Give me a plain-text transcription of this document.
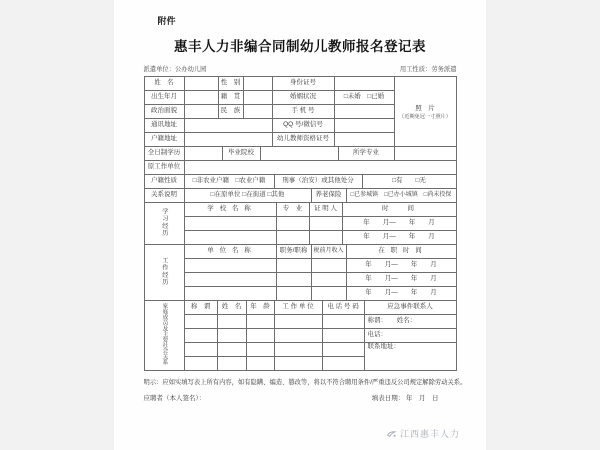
附件
惠丰人力非编合同制幼儿教师报名登记表
派遣单位：公办幼儿园	用工性质：劳务派遣
姓　名		性　别		身份证号		照　片
（近期免冠一寸照片）

出生年月		籍　贯		婚姻状况	□未婚　□已婚	
政治面貌		民　族		手 机 号		
通讯地址				QQ 号/微信号		
户籍地址				幼儿教师资格证号		
全日制学历		毕业院校		所学专业	
原工作单位	
户籍性质	□非农业户籍　□农业户籍	刑事（治安）或其他处分	□有　　□无
关系说明	□在原单位 □在街道 □其他	养老保险	□已参城镇　□已办小城镇　□尚未投保
学习经历	学 校 名 称	专　业	证 明 人	时　　间
				年　　月—　　年　　月
				年　　月—　　年　　月
工作经历	单 位 名 称	职务/职称	税前月收入	在 职 时 间
				年　　月—　　年　　月
				年　　月—　　年　　月
				年　　月—　　年　　月
家庭成员及主要社会关系	称　谓	姓　名	年　龄	工 作 单 位	电 话 号 码	应急事件联系人
						称谓：　　姓名：
						电话：
						联系地址：

明示：应如实填写表上所有内容，如有隐瞒、编造、篡改等，将以不符合聘用条件/严重违反公司规定解除劳动关系。
应聘者（本人签名）：	填表日期： 年　月　日
江西惠丰人力
